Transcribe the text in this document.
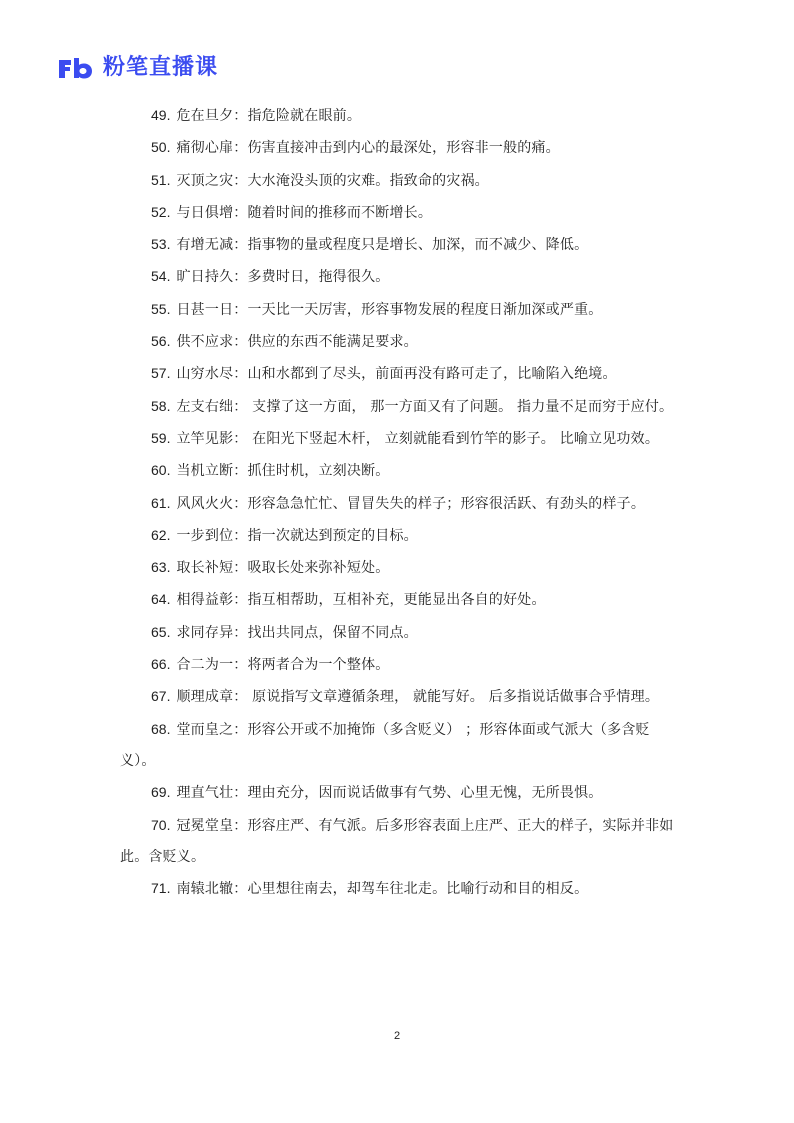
粉笔直播课

49. 危在旦夕：指危险就在眼前。

50. 痛彻心扉：伤害直接冲击到内心的最深处，形容非一般的痛。

51. 灭顶之灾：大水淹没头顶的灾难。指致命的灾祸。

52. 与日俱增：随着时间的推移而不断增长。

53. 有增无减：指事物的量或程度只是增长、加深，而不减少、降低。

54. 旷日持久：多费时日，拖得很久。

55. 日甚一日：一天比一天厉害，形容事物发展的程度日渐加深或严重。

56. 供不应求：供应的东西不能满足要求。

57. 山穷水尽：山和水都到了尽头，前面再没有路可走了，比喻陷入绝境。

58. 左支右绌： 支撑了这一方面， 那一方面又有了问题。 指力量不足而穷于应付。

59. 立竿见影： 在阳光下竖起木杆， 立刻就能看到竹竿的影子。 比喻立见功效。

60. 当机立断：抓住时机，立刻决断。

61. 风风火火：形容急急忙忙、冒冒失失的样子；形容很活跃、有劲头的样子。

62. 一步到位：指一次就达到预定的目标。

63. 取长补短：吸取长处来弥补短处。

64. 相得益彰：指互相帮助，互相补充，更能显出各自的好处。

65. 求同存异：找出共同点，保留不同点。

66. 合二为一：将两者合为一个整体。

67. 顺理成章： 原说指写文章遵循条理， 就能写好。 后多指说话做事合乎情理。

68. 堂而皇之：形容公开或不加掩饰（多含贬义） ；形容体面或气派大（多含贬义）。

69. 理直气壮：理由充分，因而说话做事有气势、心里无愧，无所畏惧。

70. 冠冕堂皇：形容庄严、有气派。后多形容表面上庄严、正大的样子，实际并非如此。含贬义。

71. 南辕北辙：心里想往南去，却驾车往北走。比喻行动和目的相反。

2
